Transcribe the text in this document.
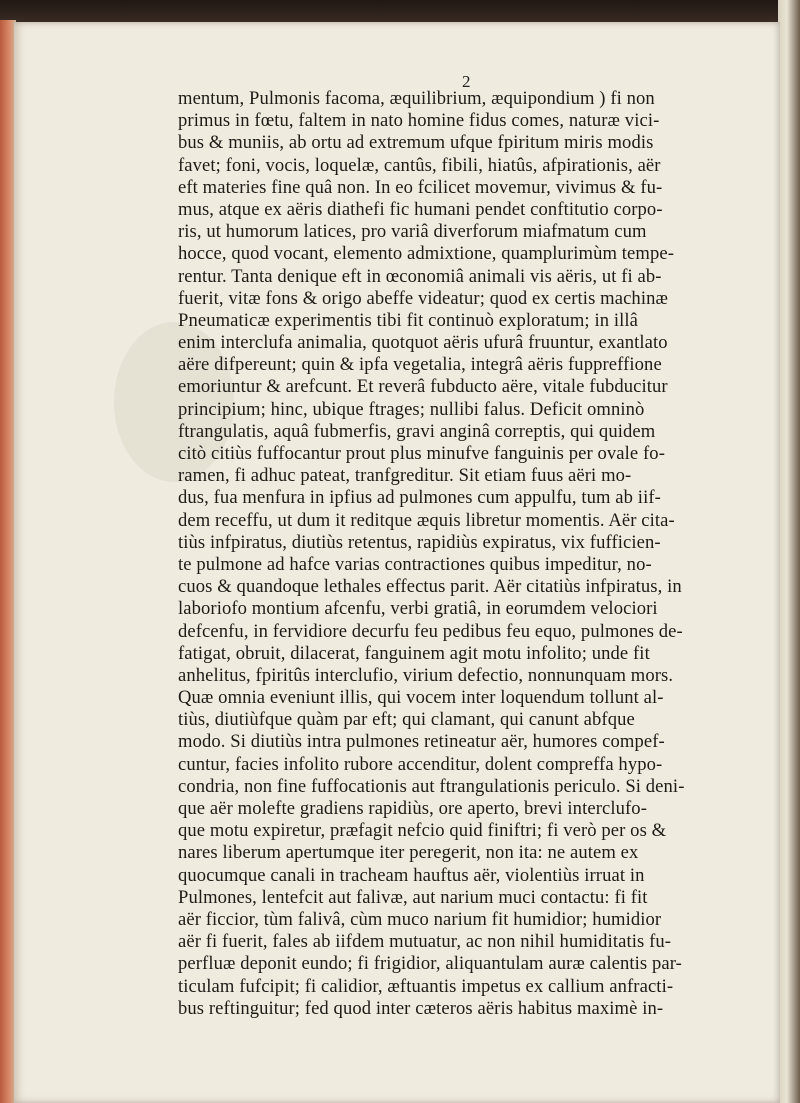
2
mentum, Pulmonis facoma, æquilibrium, æquipondium ) fi non
primus in fœtu, faltem in nato homine fidus comes, naturæ vici-
bus & muniis, ab ortu ad extremum ufque fpiritum miris modis
favet; foni, vocis, loquelæ, cantûs, fibili, hiatûs, afpirationis, aër
eft materies fine quâ non. In eo fcilicet movemur, vivimus & fu-
mus, atque ex aëris diathefi fic humani pendet conftitutio corpo-
ris, ut humorum latices, pro variâ diverforum miafmatum cum
hocce, quod vocant, elemento admixtione, quamplurimùm tempe-
rentur. Tanta denique eft in œconomiâ animali vis aëris, ut fi ab-
fuerit, vitæ fons & origo abeffe videatur; quod ex certis machinæ
Pneumaticæ experimentis tibi fit continuò exploratum; in illâ
enim interclufa animalia, quotquot aëris ufurâ fruuntur, exantlato
aëre difpereunt; quin & ipfa vegetalia, integrâ aëris fuppreffione
emoriuntur & arefcunt. Et reverâ fubducto aëre, vitale fubducitur
principium; hinc, ubique ftrages; nullibi falus. Deficit omninò
ftrangulatis, aquâ fubmerfis, gravi anginâ correptis, qui quidem
citò citiùs fuffocantur prout plus minufve fanguinis per ovale fo-
ramen, fi adhuc pateat, tranfgreditur. Sit etiam fuus aëri mo-
dus, fua menfura in ipfius ad pulmones cum appulfu, tum ab iif-
dem receffu, ut dum it reditque æquis libretur momentis. Aër cita-
tiùs infpiratus, diutiùs retentus, rapidiùs expiratus, vix fufficien-
te pulmone ad hafce varias contractiones quibus impeditur, no-
cuos & quandoque lethales effectus parit. Aër citatiùs infpiratus, in
laboriofo montium afcenfu, verbi gratiâ, in eorumdem velociori
defcenfu, in fervidiore decurfu feu pedibus feu equo, pulmones de-
fatigat, obruit, dilacerat, fanguinem agit motu infolito; unde fit
anhelitus, fpiritûs interclufio, virium defectio, nonnunquam mors.
Quæ omnia eveniunt illis, qui vocem inter loquendum tollunt al-
tiùs, diutiùfque quàm par eft; qui clamant, qui canunt abfque
modo. Si diutiùs intra pulmones retineatur aër, humores compef-
cuntur, facies infolito rubore accenditur, dolent compreffa hypo-
condria, non fine fuffocationis aut ftrangulationis periculo. Si deni-
que aër molefte gradiens rapidiùs, ore aperto, brevi interclufo-
que motu expiretur, præfagit nefcio quid finiftri; fi verò per os &
nares liberum apertumque iter peregerit, non ita: ne autem ex
quocumque canali in tracheam hauftus aër, violentiùs irruat in
Pulmones, lentefcit aut falivæ, aut narium muci contactu: fi fit
aër ficcior, tùm falivâ, cùm muco narium fit humidior; humidior
aër fi fuerit, fales ab iifdem mutuatur, ac non nihil humiditatis fu-
perfluæ deponit eundo; fi frigidior, aliquantulam auræ calentis par-
ticulam fufcipit; fi calidior, æftuantis impetus ex callium anfracti-
bus reftinguitur; fed quod inter cæteros aëris habitus maximè in-
